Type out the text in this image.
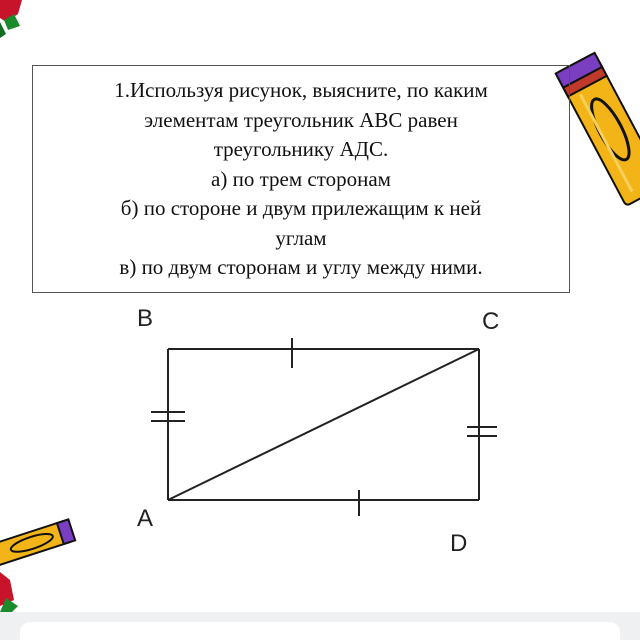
1.Используя рисунок, выясните, по каким
элементам треугольник АВС равен
треугольнику АДС.
а) по трем сторонам
б) по стороне и двум прилежащим к ней
углам
в) по двум сторонам и углу между ними.
B	C
A
D
